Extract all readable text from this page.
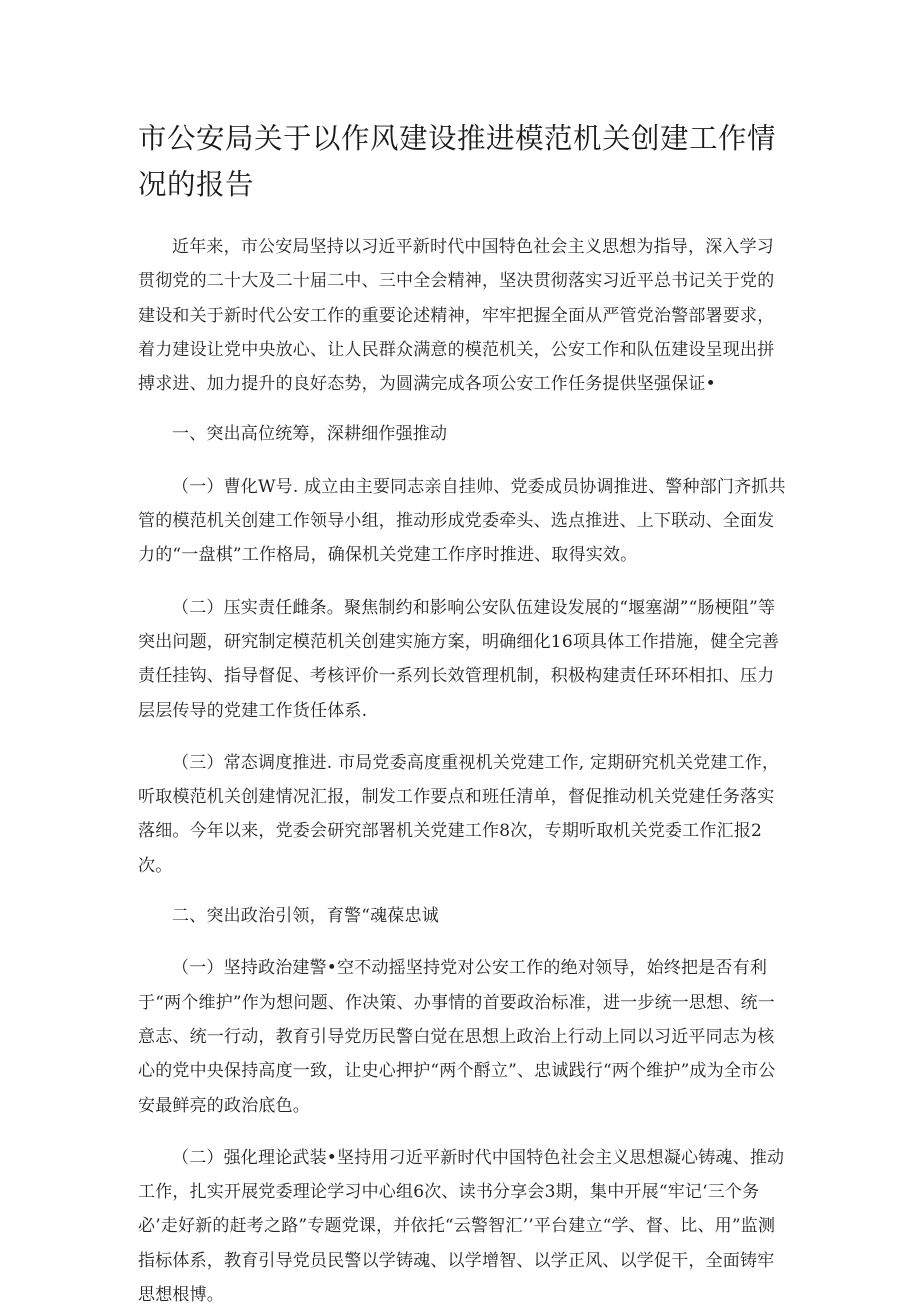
市公安局关于以作风建设推进模范机关创建工作情况的报告

近年来，市公安局坚持以习近平新时代中国特色社会主义思想为指导，深入学习贯彻党的二十大及二十届二中、三中全会精神，坚决贯彻落实习近平总书记关于党的建设和关于新时代公安工作的重要论述精神，牢牢把握全面从严管党治警部署要求，着力建设让党中央放心、让人民群众满意的模范机关，公安工作和队伍建设呈现出拼搏求进、加力提升的良好态势，为圆满完成各项公安工作任务提供坚强保证•

一、突出高位统筹，深耕细作强推动

（一）曹化W号. 成立由主要同志亲自挂帅、党委成员协调推进、警种部门齐抓共管的模范机关创建工作领导小组，推动形成党委牵头、选点推进、上下联动、全面发力的“一盘棋”工作格局，确保机关党建工作序时推进、取得实效。

（二）压实责任雌条。聚焦制约和影响公安队伍建设发展的“堰塞湖”“肠梗阻”等突出问题，研究制定模范机关创建实施方案，明确细化16项具体工作措施，健全完善责任挂钩、指导督促、考核评价一系列长效管理机制，积极构建责任环环相扣、压力层层传导的党建工作货任体系.

（三）常态调度推进. 市局党委高度重视机关党建工作, 定期研究机关党建工作，听取模范机关创建情况汇报，制发工作要点和班任清单，督促推动机关党建任务落实落细。今年以来，党委会研究部署机关党建工作8次，专期听取机关党委工作汇报2次。

二、突出政治引领，育警“魂葆忠诚

（一）坚持政治建警•空不动摇坚持党对公安工作的绝对领导，始终把是否有利于“两个维护”作为想问题、作决策、办事情的首要政治标准，进一步统一思想、统一意志、统一行动，教育引导党历民警白觉在思想上政治上行动上同以习近平同志为核心的党中央保持高度一致，让史心押护“两个酹立”、忠诚践行“两个维护”成为全市公安最鲜亮的政治底色。

（二）强化理论武装•坚持用刁近平新时代中国特色社会主义思想凝心铸魂、推动工作，扎实开展党委理论学习中心组6次、读书分享会3期，集中开展“牢记‘三个务必’走好新的赶考之路”专题党课，并依托“云警智汇’’平台建立“学、督、比、用”监测指标体系，教育引导党员民警以学铸魂、以学增智、以学正风、以学促干，全面铸牢思想根博。
